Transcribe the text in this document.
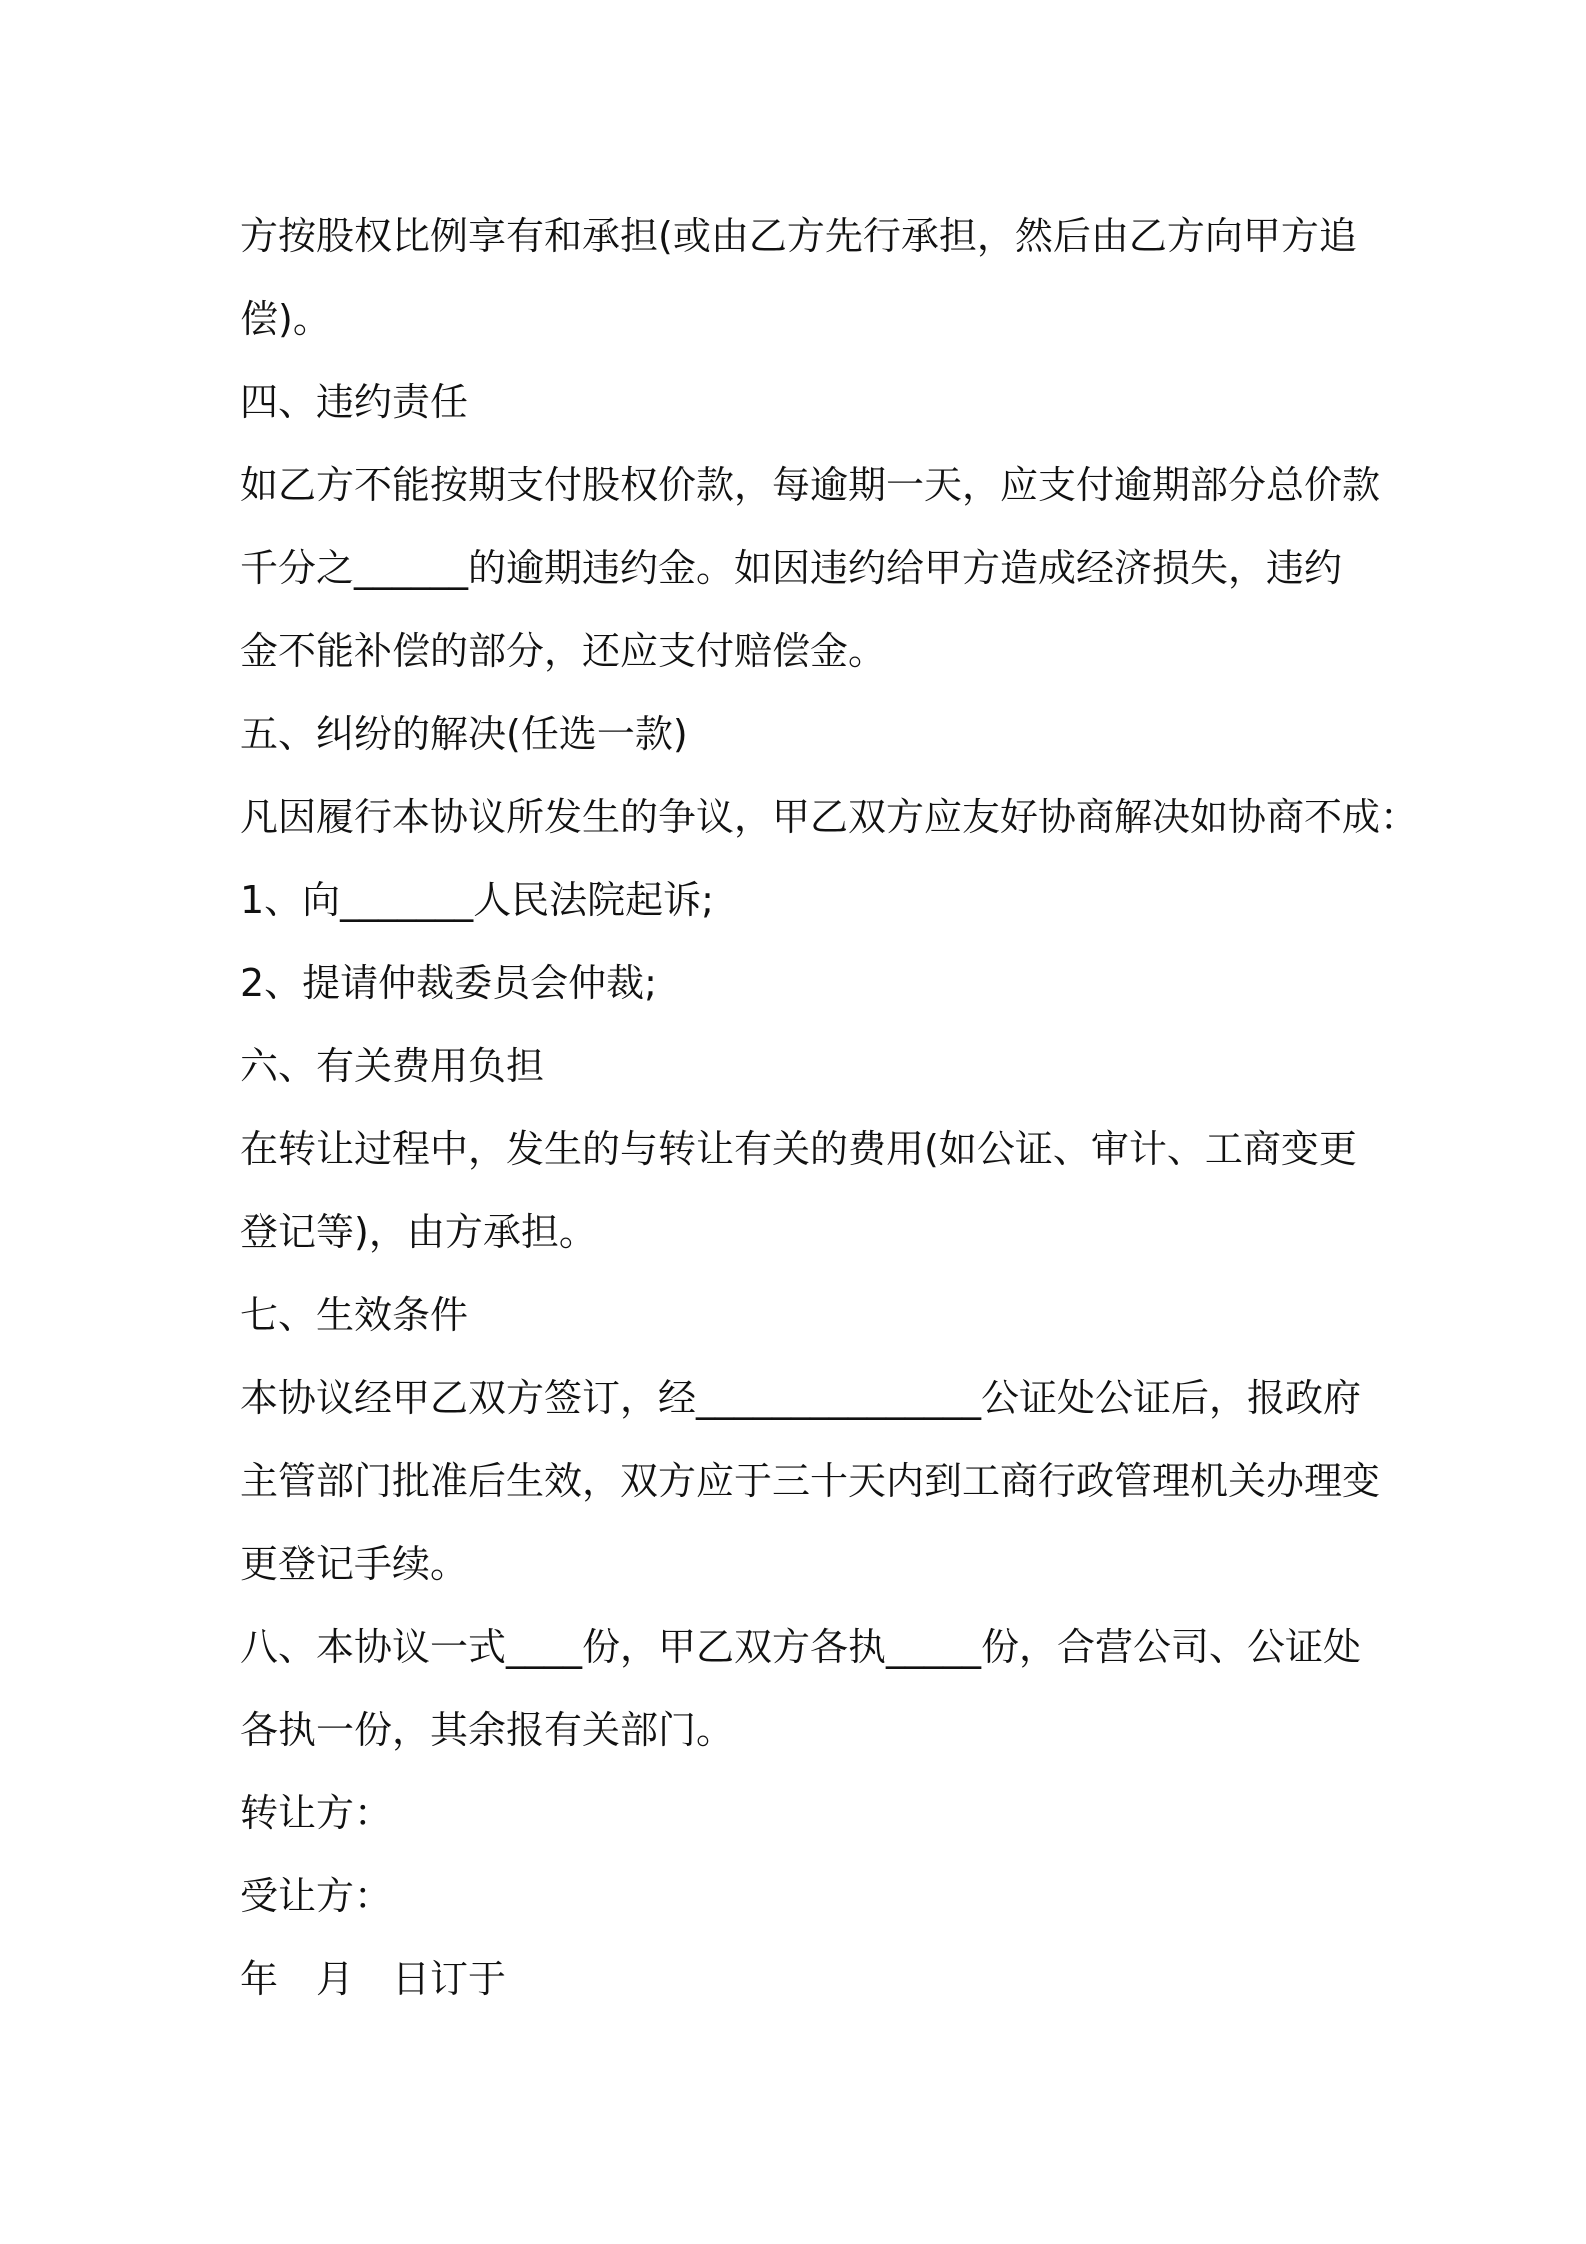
方按股权比例享有和承担(或由乙方先行承担，然后由乙方向甲方追
偿)。
四、违约责任
如乙方不能按期支付股权价款，每逾期一天，应支付逾期部分总价款
千分之______的逾期违约金。如因违约给甲方造成经济损失，违约
金不能补偿的部分，还应支付赔偿金。
五、纠纷的解决(任选一款)
凡因履行本协议所发生的争议，甲乙双方应友好协商解决如协商不成：
1、向_______人民法院起诉;
2、提请仲裁委员会仲裁;
六、有关费用负担
在转让过程中，发生的与转让有关的费用(如公证、审计、工商变更
登记等)，由方承担。
七、生效条件
本协议经甲乙双方签订，经_______________公证处公证后，报政府
主管部门批准后生效，双方应于三十天内到工商行政管理机关办理变
更登记手续。
八、本协议一式____份，甲乙双方各执_____份，合营公司、公证处
各执一份，其余报有关部门。
转让方：
受让方：
年　月　日订于
